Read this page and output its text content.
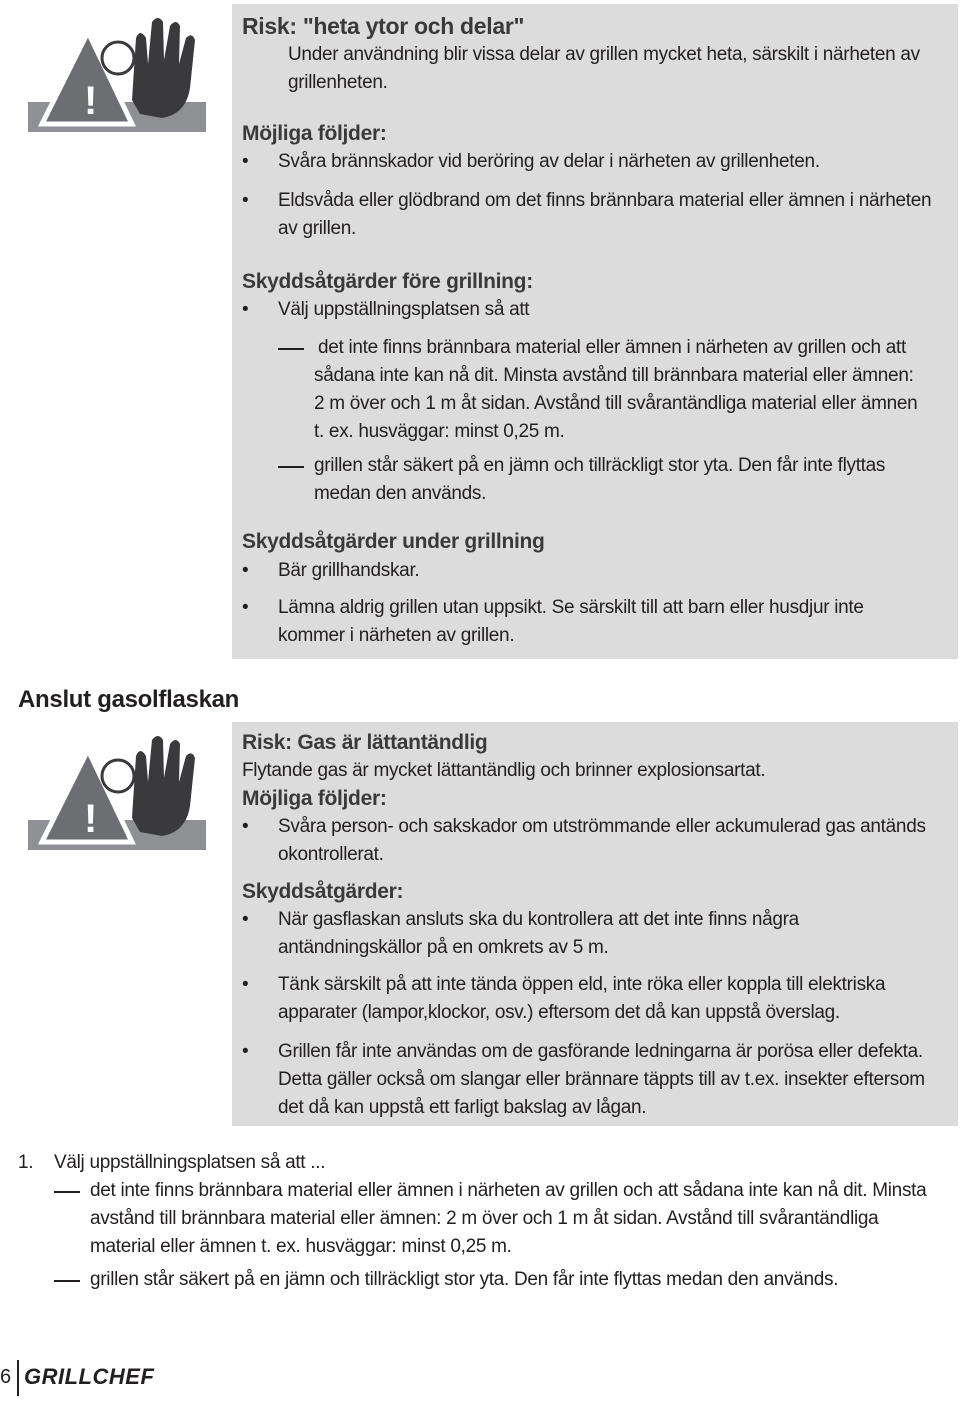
!
Risk: "heta ytor och delar"
Under användning blir vissa delar av grillen mycket heta, särskilt i närheten av
grillenheten.
Möjliga följder:
• Svåra brännskador vid beröring av delar i närheten av grillenheten.
• Eldsvåda eller glödbrand om det finns brännbara material eller ämnen i närheten
av grillen.
Skyddsåtgärder före grillning:
• Välj uppställningsplatsen så att
det inte finns brännbara material eller ämnen i närheten av grillen och att
sådana inte kan nå dit. Minsta avstånd till brännbara material eller ämnen:
2 m över och 1 m åt sidan. Avstånd till svårantändliga material eller ämnen
t. ex. husväggar: minst 0,25 m.
grillen står säkert på en jämn och tillräckligt stor yta. Den får inte flyttas
medan den används.
Skyddsåtgärder under grillning
• Bär grillhandskar.
• Lämna aldrig grillen utan uppsikt. Se särskilt till att barn eller husdjur inte
kommer i närheten av grillen.
Anslut gasolflaskan
!
Risk: Gas är lättantändlig
Flytande gas är mycket lättantändlig och brinner explosionsartat.
Möjliga följder:
• Svåra person- och sakskador om utströmmande eller ackumulerad gas antänds
okontrollerat.
Skyddsåtgärder:
• När gasflaskan ansluts ska du kontrollera att det inte finns några
antändningskällor på en omkrets av 5 m.
• Tänk särskilt på att inte tända öppen eld, inte röka eller koppla till elektriska
apparater (lampor,klockor, osv.) eftersom det då kan uppstå överslag.
• Grillen får inte användas om de gasförande ledningarna är porösa eller defekta.
Detta gäller också om slangar eller brännare täppts till av t.ex. insekter eftersom
det då kan uppstå ett farligt bakslag av lågan.
1. Välj uppställningsplatsen så att ...
det inte finns brännbara material eller ämnen i närheten av grillen och att sådana inte kan nå dit. Minsta
avstånd till brännbara material eller ämnen: 2 m över och 1 m åt sidan. Avstånd till svårantändliga
material eller ämnen t. ex. husväggar: minst 0,25 m.
grillen står säkert på en jämn och tillräckligt stor yta. Den får inte flyttas medan den används.
6 GRILLCHEF
